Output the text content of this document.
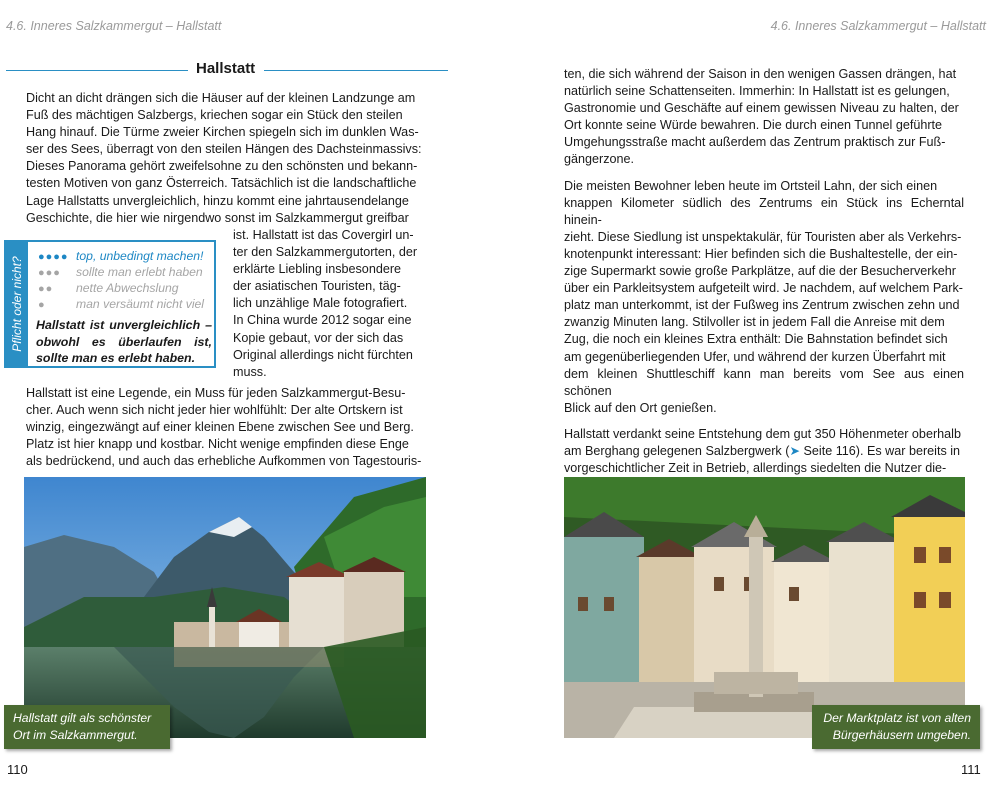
4.6. Inneres Salzkammergut – Hallstatt
Hallstatt
Dicht an dicht drängen sich die Häuser auf der kleinen Landzunge am
Fuß des mächtigen Salzbergs, kriechen sogar ein Stück den steilen
Hang hinauf. Die Türme zweier Kirchen spiegeln sich im dunklen Was-
ser des Sees, überragt von den steilen Hängen des Dachsteinmassivs:
Dieses Panorama gehört zweifelsohne zu den schönsten und bekann-
testen Motiven von ganz Österreich. Tatsächlich ist die landschaftliche
Lage Hallstatts unvergleichlich, hinzu kommt eine jahrtausendelange
Geschichte, die hier wie nirgendwo sonst im Salzkammergut greifbar
ist. Hallstatt ist das Covergirl un-
ter den Salzkammergutorten, der
erklärte Liebling insbesondere
der asiatischen Touristen, täg-
lich unzählige Male fotografiert.
In China wurde 2012 sogar eine
Kopie gebaut, vor der sich das
Original allerdings nicht fürchten
muss.
Pflicht oder nicht? ●●●● top, unbedingt machen!
●●● sollte man erlebt haben
●● nette Abwechslung
● man versäumt nicht viel
Hallstatt ist unvergleichlich – obwohl es überlaufen ist, sollte man es erlebt haben.
Hallstatt ist eine Legende, ein Muss für jeden Salzkammergut-Besu-
cher. Auch wenn sich nicht jeder hier wohlfühlt: Der alte Ortskern ist
winzig, eingezwängt auf einer kleinen Ebene zwischen See und Berg.
Platz ist hier knapp und kostbar. Nicht wenige empfinden diese Enge
als bedrückend, und auch das erhebliche Aufkommen von Tagestouris-
Hallstatt gilt als schönster Ort im Salzkammergut.
110
4.6. Inneres Salzkammergut – Hallstatt

ten, die sich während der Saison in den wenigen Gassen drängen, hat
natürlich seine Schattenseiten. Immerhin: In Hallstatt ist es gelungen,
Gastronomie und Geschäfte auf einem gewissen Niveau zu halten, der
Ort konnte seine Würde bewahren. Die durch einen Tunnel geführte
Umgehungsstraße macht außerdem das Zentrum praktisch zur Fuß-
gängerzone.

Die meisten Bewohner leben heute im Ortsteil Lahn, der sich einen
knappen Kilometer südlich des Zentrums ein Stück ins Echerntal hinein-
zieht. Diese Siedlung ist unspektakulär, für Touristen aber als Verkehrs-
knotenpunkt interessant: Hier befinden sich die Bushaltestelle, der ein-
zige Supermarkt sowie große Parkplätze, auf die der Besucherverkehr
über ein Parkleitsystem aufgeteilt wird. Je nachdem, auf welchem Park-
platz man unterkommt, ist der Fußweg ins Zentrum zwischen zehn und
zwanzig Minuten lang. Stilvoller ist in jedem Fall die Anreise mit dem
Zug, die noch ein kleines Extra enthält: Die Bahnstation befindet sich
am gegenüberliegenden Ufer, und während der kurzen Überfahrt mit
dem kleinen Shuttleschiff kann man bereits vom See aus einen schönen
Blick auf den Ort genießen.

Hallstatt verdankt seine Entstehung dem gut 350 Höhenmeter oberhalb
am Berghang gelegenen Salzbergwerk (➤ Seite 116). Es war bereits in
vorgeschichtlicher Zeit in Betrieb, allerdings siedelten die Nutzer die-

111
Der Marktplatz ist von alten Bürgerhäusern umgeben.
